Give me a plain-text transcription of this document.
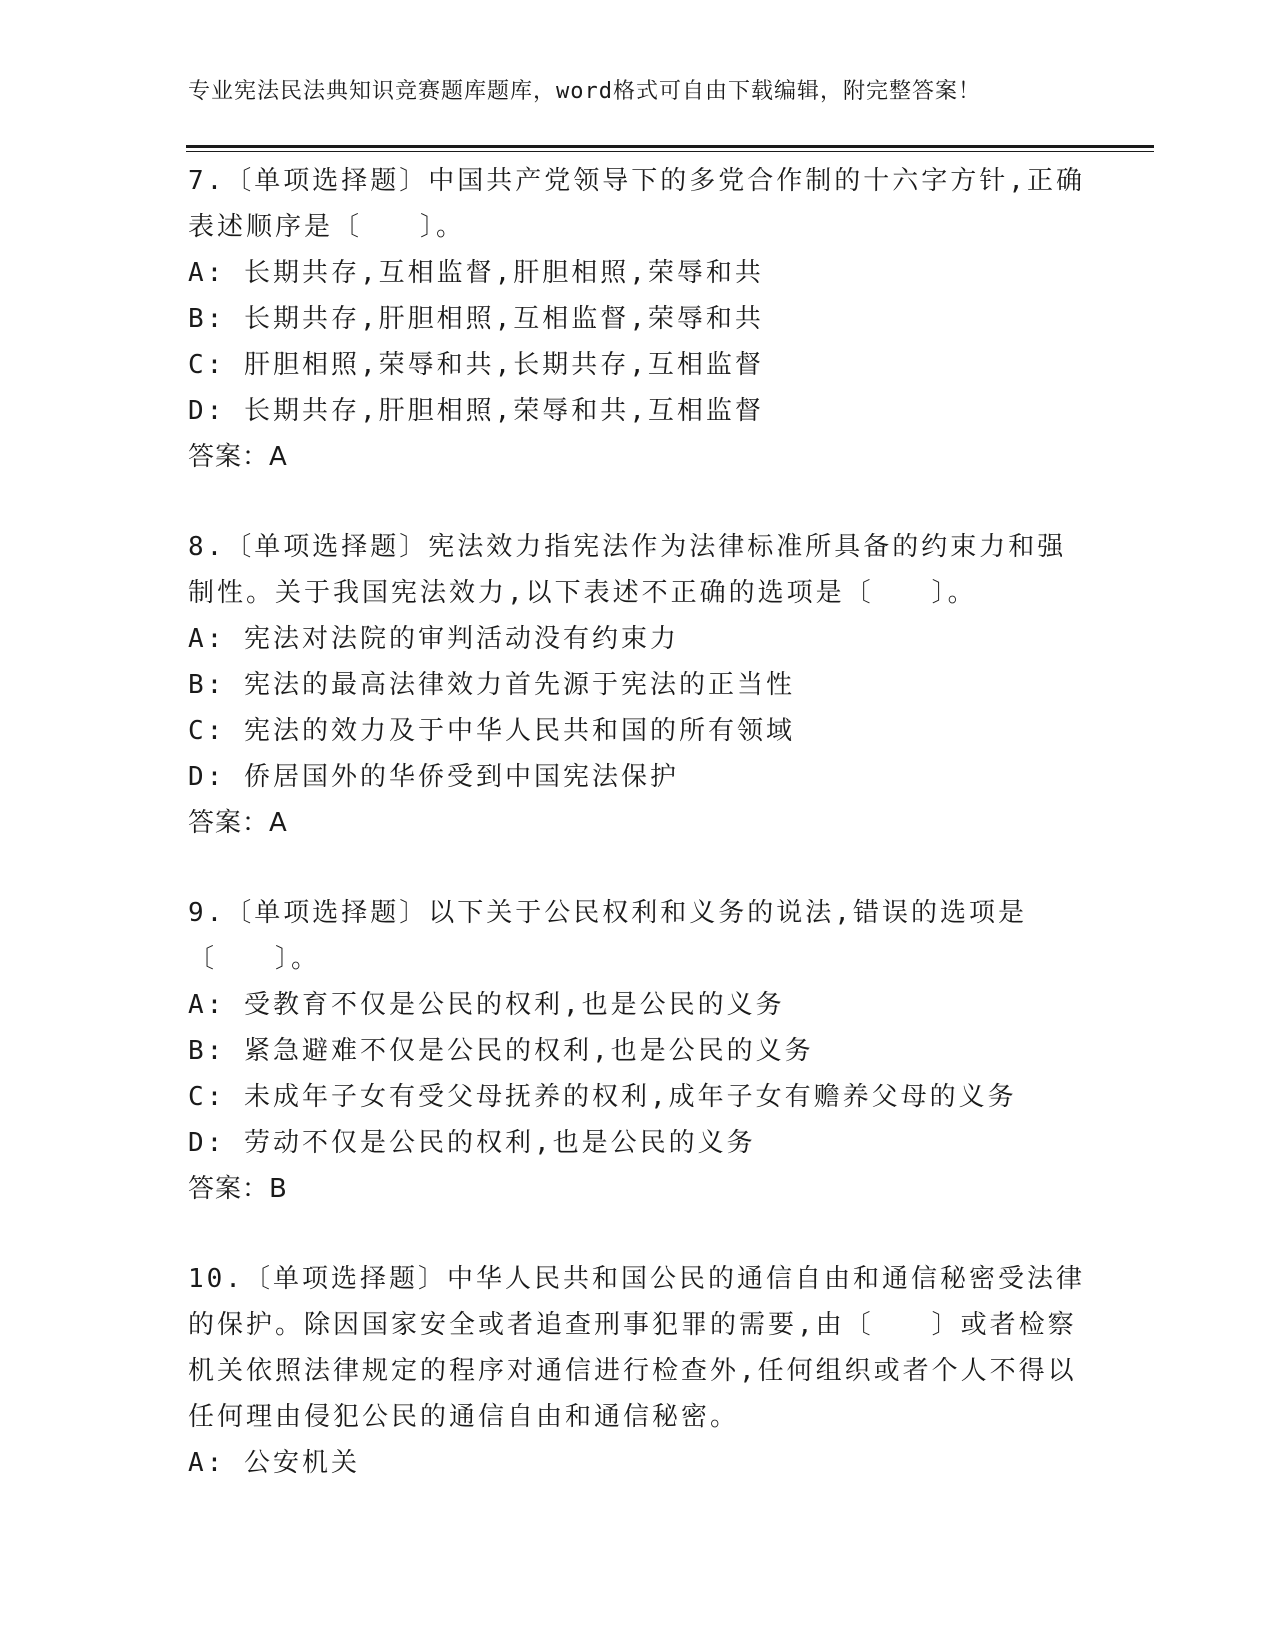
专业宪法民法典知识竞赛题库题库，word格式可自由下载编辑，附完整答案！

7.〔单项选择题〕中国共产党领导下的多党合作制的十六字方针,正确表述顺序是〔　　〕。

A: 长期共存,互相监督,肝胆相照,荣辱和共

B: 长期共存,肝胆相照,互相监督,荣辱和共

C: 肝胆相照,荣辱和共,长期共存,互相监督

D: 长期共存,肝胆相照,荣辱和共,互相监督

答案：A

8.〔单项选择题〕宪法效力指宪法作为法律标准所具备的约束力和强制性。关于我国宪法效力,以下表述不正确的选项是〔　　〕。

A: 宪法对法院的审判活动没有约束力

B: 宪法的最高法律效力首先源于宪法的正当性

C: 宪法的效力及于中华人民共和国的所有领域

D: 侨居国外的华侨受到中国宪法保护

答案：A

9.〔单项选择题〕以下关于公民权利和义务的说法,错误的选项是〔　　〕。

A: 受教育不仅是公民的权利,也是公民的义务

B: 紧急避难不仅是公民的权利,也是公民的义务

C: 未成年子女有受父母抚养的权利,成年子女有赡养父母的义务

D: 劳动不仅是公民的权利,也是公民的义务

答案：B

10.〔单项选择题〕中华人民共和国公民的通信自由和通信秘密受法律的保护。除因国家安全或者追查刑事犯罪的需要,由〔　　〕或者检察机关依照法律规定的程序对通信进行检查外,任何组织或者个人不得以任何理由侵犯公民的通信自由和通信秘密。

A: 公安机关
